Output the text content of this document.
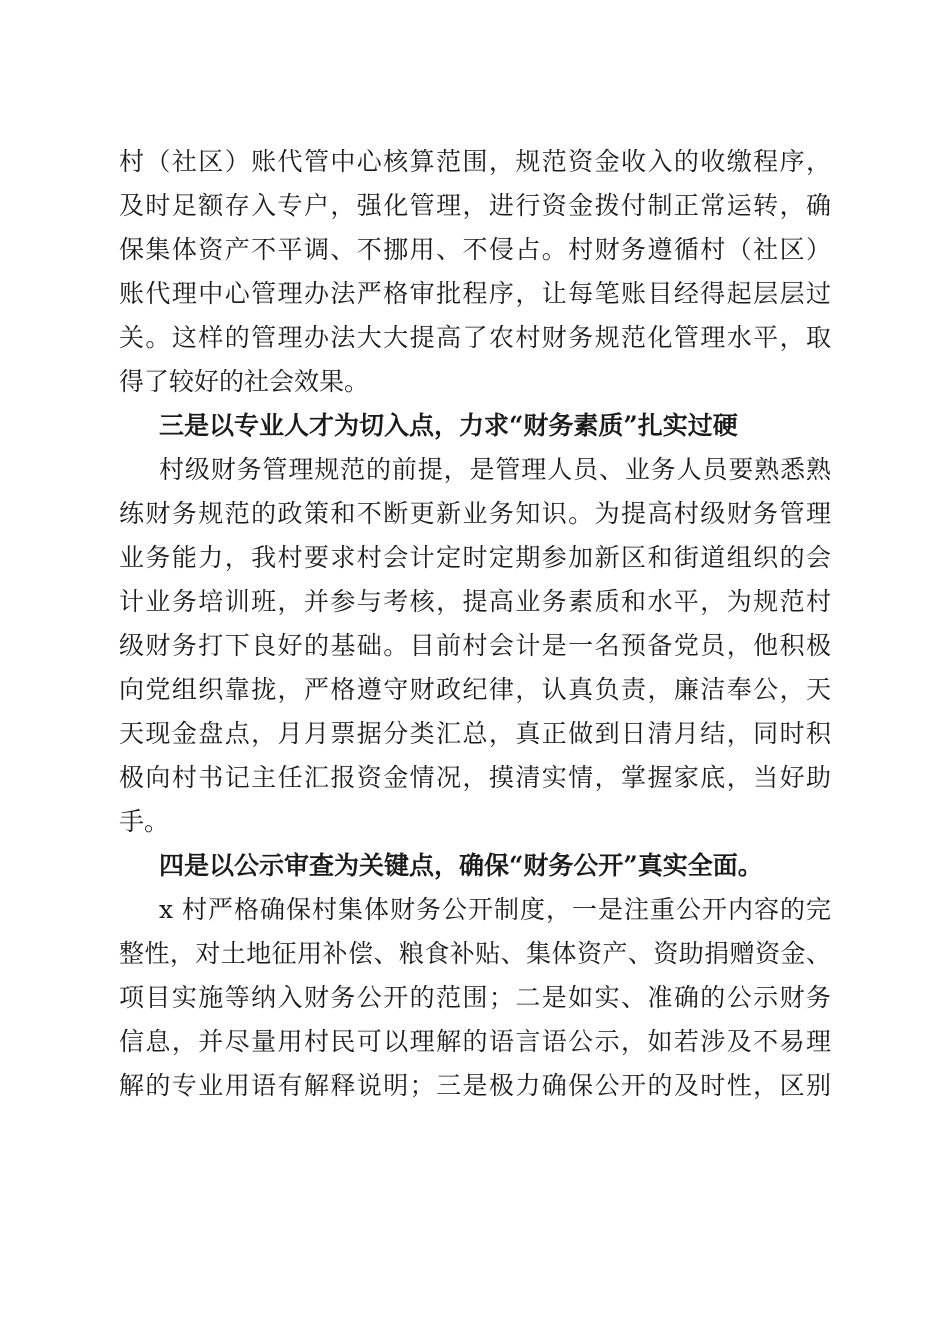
村（社区）账代管中心核算范围，规范资金收入的收缴程序，
及时足额存入专户，强化管理，进行资金拨付制正常运转，确
保集体资产不平调、不挪用、不侵占。村财务遵循村（社区）
账代理中心管理办法严格审批程序，让每笔账目经得起层层过
关。这样的管理办法大大提高了农村财务规范化管理水平，取
得了较好的社会效果。
三是以专业人才为切入点，力求“财务素质”扎实过硬
村级财务管理规范的前提，是管理人员、业务人员要熟悉熟
练财务规范的政策和不断更新业务知识。为提高村级财务管理
业务能力，我村要求村会计定时定期参加新区和街道组织的会
计业务培训班，并参与考核，提高业务素质和水平，为规范村
级财务打下良好的基础。目前村会计是一名预备党员，他积极
向党组织靠拢，严格遵守财政纪律，认真负责，廉洁奉公，天
天现金盘点，月月票据分类汇总，真正做到日清月结，同时积
极向村书记主任汇报资金情况，摸清实情，掌握家底，当好助
手。
四是以公示审查为关键点，确保“财务公开”真实全面。
x 村严格确保村集体财务公开制度，一是注重公开内容的完
整性，对土地征用补偿、粮食补贴、集体资产、资助捐赠资金、
项目实施等纳入财务公开的范围；二是如实、准确的公示财务
信息，并尽量用村民可以理解的语言语公示，如若涉及不易理
解的专业用语有解释说明；三是极力确保公开的及时性，区别
